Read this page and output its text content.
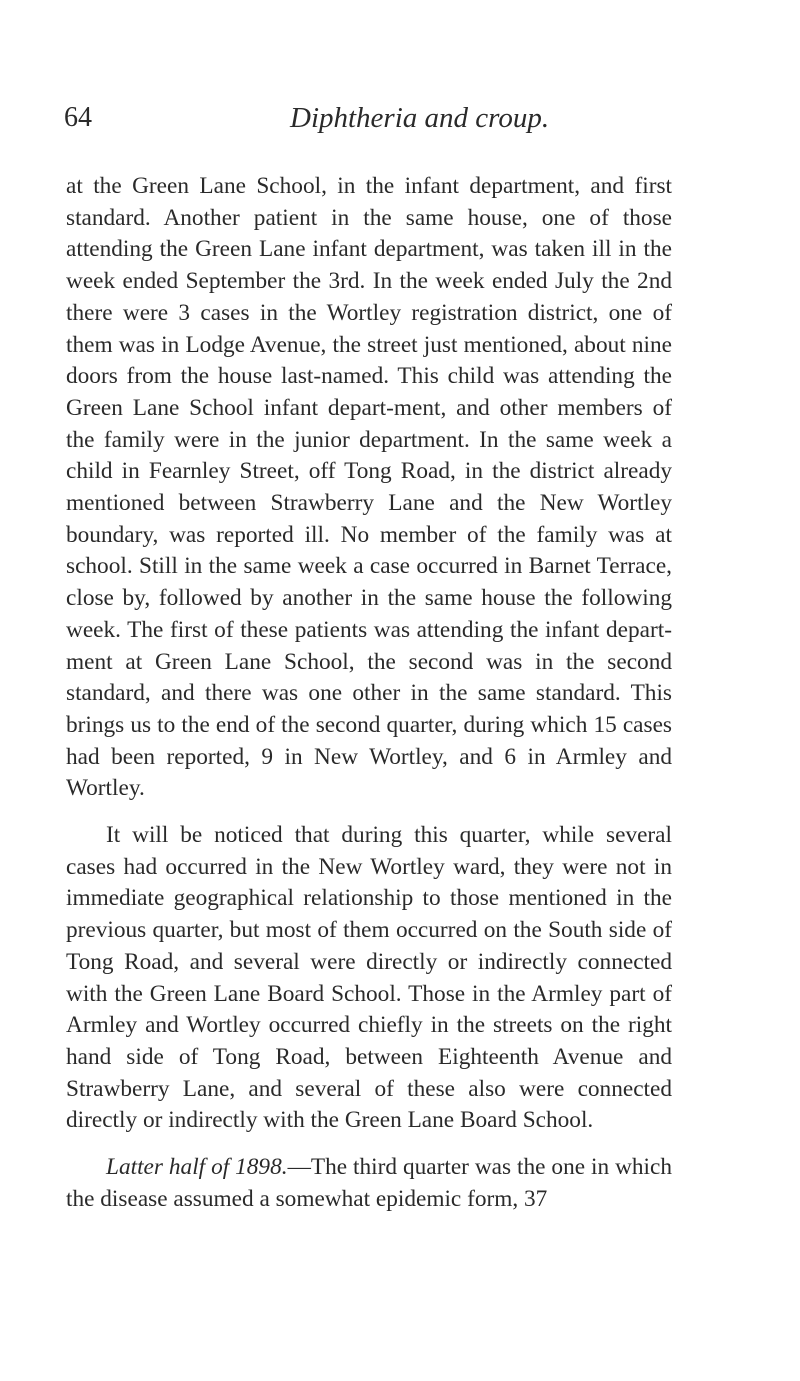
64	Diphtheria and croup.

at the Green Lane School, in the infant department, and first standard. Another patient in the same house, one of those attending the Green Lane infant department, was taken ill in the week ended September the 3rd. In the week ended July the 2nd there were 3 cases in the Wortley registration district, one of them was in Lodge Avenue, the street just mentioned, about nine doors from the house last-named. This child was attending the Green Lane School infant depart-ment, and other members of the family were in the junior department. In the same week a child in Fearnley Street, off Tong Road, in the district already mentioned between Strawberry Lane and the New Wortley boundary, was reported ill. No member of the family was at school. Still in the same week a case occurred in Barnet Terrace, close by, followed by another in the same house the following week. The first of these patients was attending the infant depart-ment at Green Lane School, the second was in the second standard, and there was one other in the same standard. This brings us to the end of the second quarter, during which 15 cases had been reported, 9 in New Wortley, and 6 in Armley and Wortley.

It will be noticed that during this quarter, while several cases had occurred in the New Wortley ward, they were not in immediate geographical relationship to those mentioned in the previous quarter, but most of them occurred on the South side of Tong Road, and several were directly or indirectly connected with the Green Lane Board School. Those in the Armley part of Armley and Wortley occurred chiefly in the streets on the right hand side of Tong Road, between Eighteenth Avenue and Strawberry Lane, and several of these also were connected directly or indirectly with the Green Lane Board School.

Latter half of 1898.—The third quarter was the one in which the disease assumed a somewhat epidemic form, 37
